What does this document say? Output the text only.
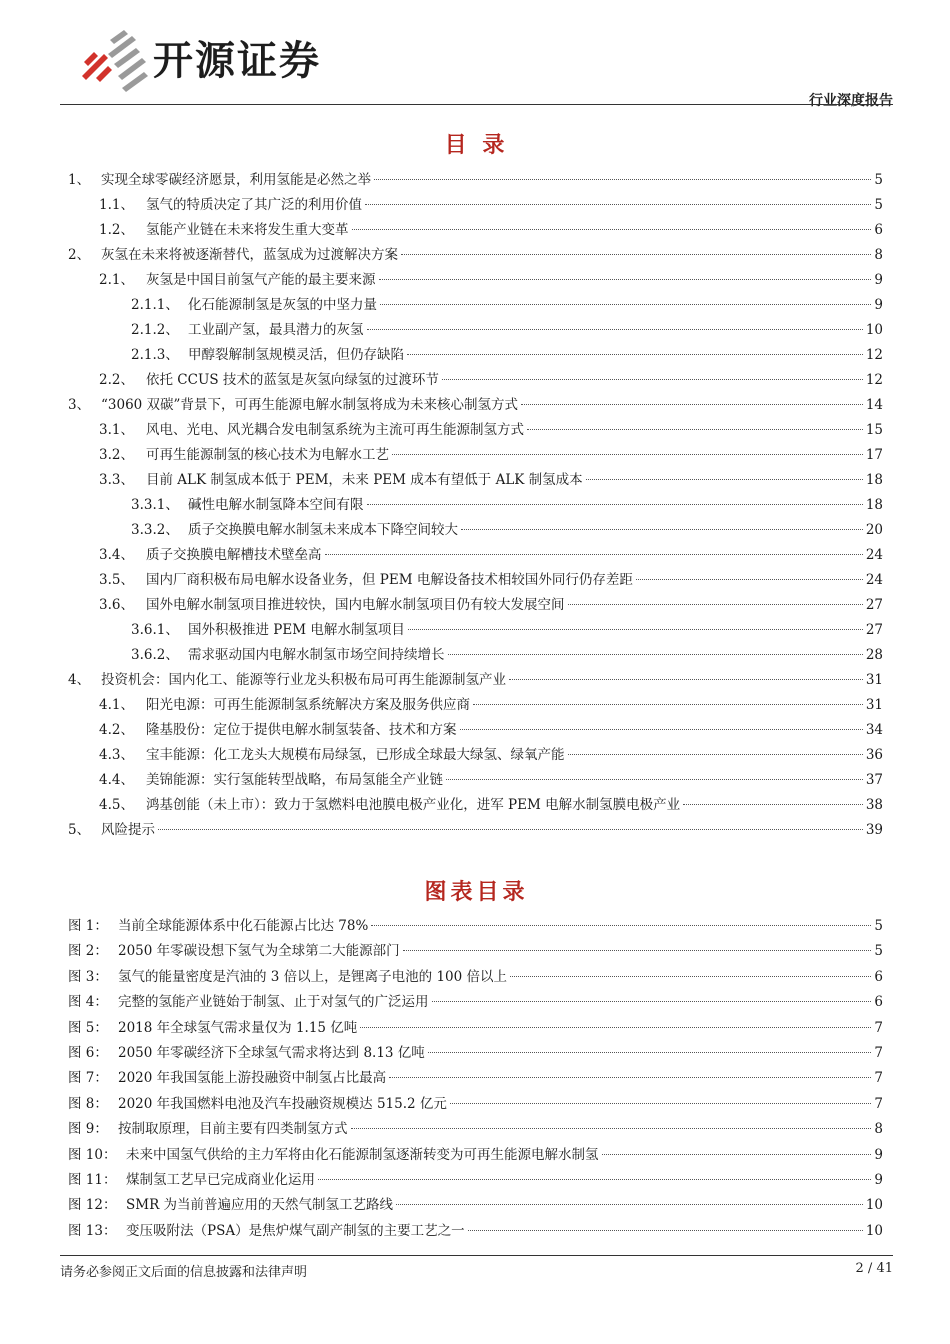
开源证券
行业深度报告
目 录
1、 实现全球零碳经济愿景，利用氢能是必然之举	5
1.1、 氢气的特质决定了其广泛的利用价值	5
1.2、 氢能产业链在未来将发生重大变革	6
2、 灰氢在未来将被逐渐替代，蓝氢成为过渡解决方案	8
2.1、 灰氢是中国目前氢气产能的最主要来源	9
2.1.1、 化石能源制氢是灰氢的中坚力量	9
2.1.2、 工业副产氢，最具潜力的灰氢	10
2.1.3、 甲醇裂解制氢规模灵活，但仍存缺陷	12
2.2、 依托 CCUS 技术的蓝氢是灰氢向绿氢的过渡环节	12
3、 “3060 双碳”背景下，可再生能源电解水制氢将成为未来核心制氢方式	14
3.1、 风电、光电、风光耦合发电制氢系统为主流可再生能源制氢方式	15
3.2、 可再生能源制氢的核心技术为电解水工艺	17
3.3、 目前 ALK 制氢成本低于 PEM，未来 PEM 成本有望低于 ALK 制氢成本	18
3.3.1、 碱性电解水制氢降本空间有限	18
3.3.2、 质子交换膜电解水制氢未来成本下降空间较大	20
3.4、 质子交换膜电解槽技术壁垒高	24
3.5、 国内厂商积极布局电解水设备业务，但 PEM 电解设备技术相较国外同行仍存差距	24
3.6、 国外电解水制氢项目推进较快，国内电解水制氢项目仍有较大发展空间	27
3.6.1、 国外积极推进 PEM 电解水制氢项目	27
3.6.2、 需求驱动国内电解水制氢市场空间持续增长	28
4、 投资机会：国内化工、能源等行业龙头积极布局可再生能源制氢产业	31
4.1、 阳光电源：可再生能源制氢系统解决方案及服务供应商	31
4.2、 隆基股份：定位于提供电解水制氢装备、技术和方案	34
4.3、 宝丰能源：化工龙头大规模布局绿氢，已形成全球最大绿氢、绿氧产能	36
4.4、 美锦能源：实行氢能转型战略，布局氢能全产业链	37
4.5、 鸿基创能（未上市）：致力于氢燃料电池膜电极产业化，进军 PEM 电解水制氢膜电极产业	38
5、 风险提示	39
图表目录
图 1： 当前全球能源体系中化石能源占比达 78%	5
图 2： 2050 年零碳设想下氢气为全球第二大能源部门	5
图 3： 氢气的能量密度是汽油的 3 倍以上，是锂离子电池的 100 倍以上	6
图 4： 完整的氢能产业链始于制氢、止于对氢气的广泛运用	6
图 5： 2018 年全球氢气需求量仅为 1.15 亿吨	7
图 6： 2050 年零碳经济下全球氢气需求将达到 8.13 亿吨	7
图 7： 2020 年我国氢能上游投融资中制氢占比最高	7
图 8： 2020 年我国燃料电池及汽车投融资规模达 515.2 亿元	7
图 9： 按制取原理，目前主要有四类制氢方式	8
图 10： 未来中国氢气供给的主力军将由化石能源制氢逐渐转变为可再生能源电解水制氢	9
图 11： 煤制氢工艺早已完成商业化运用	9
图 12： SMR 为当前普遍应用的天然气制氢工艺路线	10
图 13： 变压吸附法（PSA）是焦炉煤气副产制氢的主要工艺之一	10
请务必参阅正文后面的信息披露和法律声明	2 / 41
